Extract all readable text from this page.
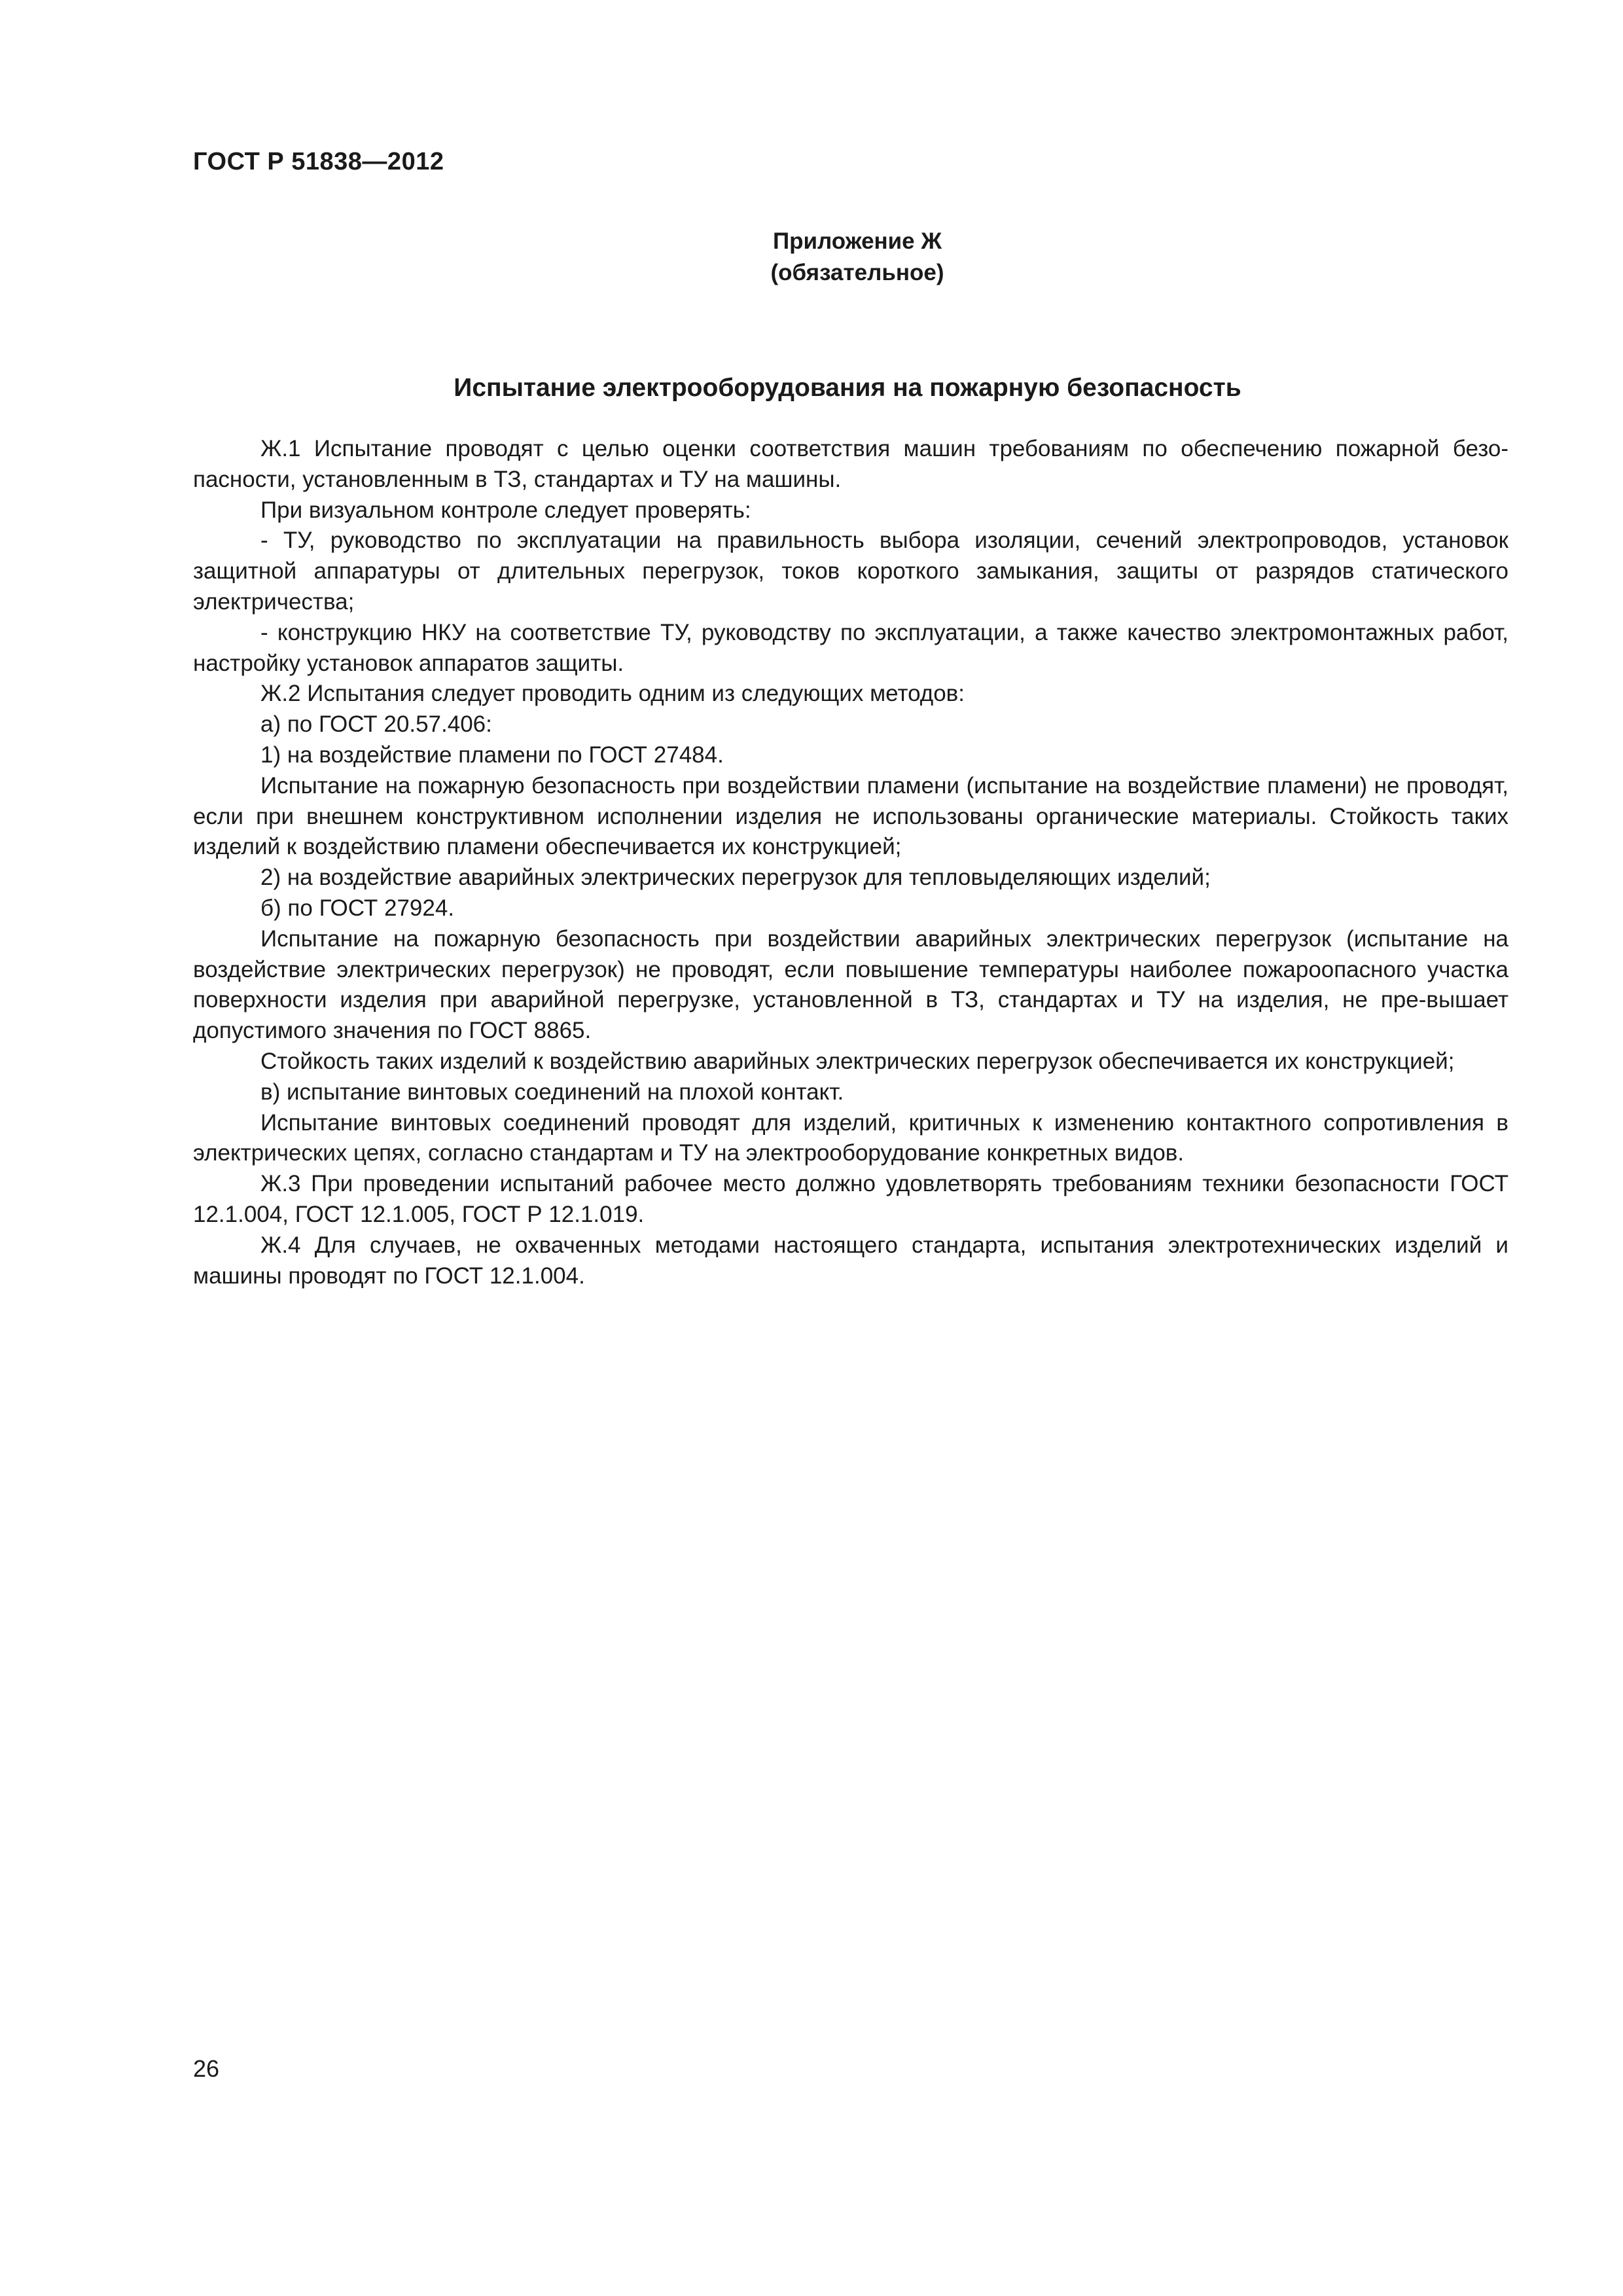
ГОСТ Р 51838—2012
Приложение Ж
(обязательное)
Испытание электрооборудования на пожарную безопасность

Ж.1 Испытание проводят с целью оценки соответствия машин требованиям по обеспечению пожарной безо-пасности, установленным в ТЗ, стандартах и ТУ на машины.

При визуальном контроле следует проверять:

- ТУ, руководство по эксплуатации на правильность выбора изоляции, сечений электропроводов, установок защитной аппаратуры от длительных перегрузок, токов короткого замыкания, защиты от разрядов статического электричества;

- конструкцию НКУ на соответствие ТУ, руководству по эксплуатации, а также качество электромонтажных работ, настройку установок аппаратов защиты.

Ж.2 Испытания следует проводить одним из следующих методов:

а) по ГОСТ 20.57.406:

1) на воздействие пламени по ГОСТ 27484.

Испытание на пожарную безопасность при воздействии пламени (испытание на воздействие пламени) не проводят, если при внешнем конструктивном исполнении изделия не использованы органические материалы. Стойкость таких изделий к воздействию пламени обеспечивается их конструкцией;

2) на воздействие аварийных электрических перегрузок для тепловыделяющих изделий;

б) по ГОСТ 27924.

Испытание на пожарную безопасность при воздействии аварийных электрических перегрузок (испытание на воздействие электрических перегрузок) не проводят, если повышение температуры наиболее пожароопасного участка поверхности изделия при аварийной перегрузке, установленной в ТЗ, стандартах и ТУ на изделия, не пре-вышает допустимого значения по ГОСТ 8865.

Стойкость таких изделий к воздействию аварийных электрических перегрузок обеспечивается их конструкцией;

в) испытание винтовых соединений на плохой контакт.

Испытание винтовых соединений проводят для изделий, критичных к изменению контактного сопротивления в электрических цепях, согласно стандартам и ТУ на электрооборудование конкретных видов.

Ж.3 При проведении испытаний рабочее место должно удовлетворять требованиям техники безопасности ГОСТ 12.1.004, ГОСТ 12.1.005, ГОСТ Р 12.1.019.

Ж.4 Для случаев, не охваченных методами настоящего стандарта, испытания электротехнических изделий и машины проводят по ГОСТ 12.1.004.

26
